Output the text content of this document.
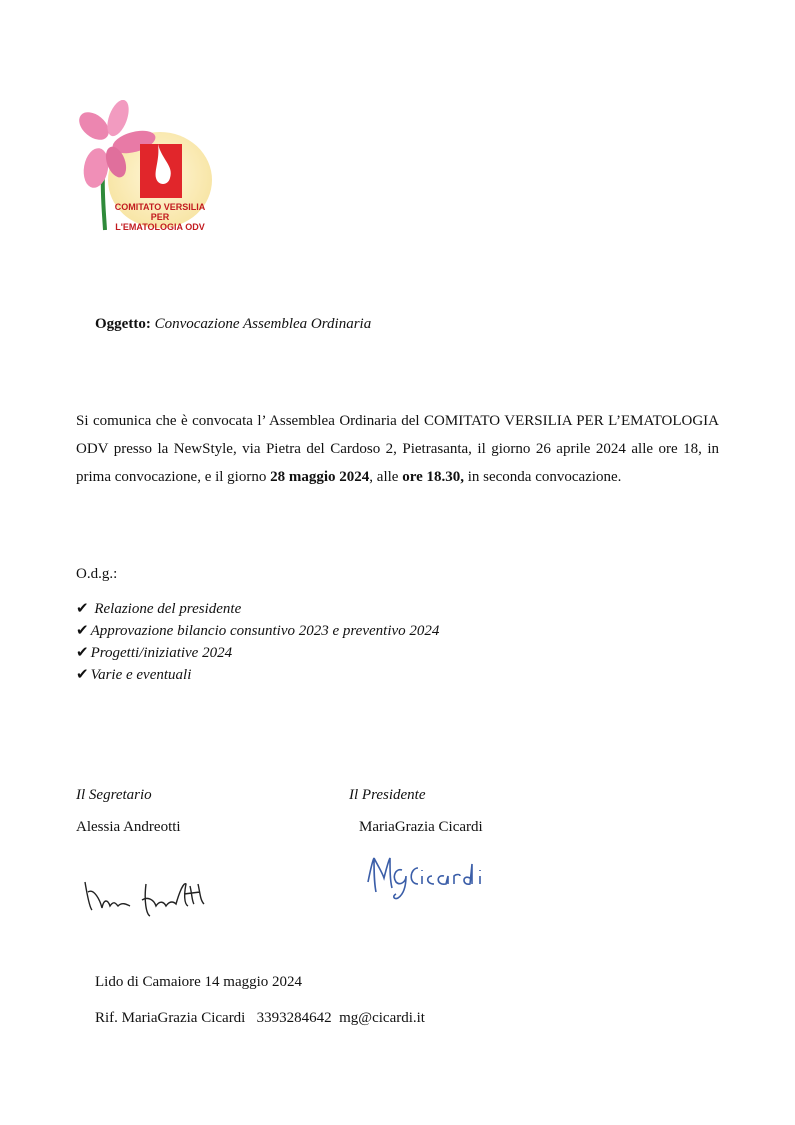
COMITATO VERSILIA PER
L'EMATOLOGIA ODV
Oggetto: Convocazione Assemblea Ordinaria
Si comunica che è convocata l’ Assemblea Ordinaria del COMITATO VERSILIA PER L’EMATOLOGIA ODV presso la NewStyle, via Pietra del Cardoso 2, Pietrasanta, il giorno 26 aprile 2024 alle ore 18, in prima convocazione, e il giorno 28 maggio 2024, alle ore 18.30, in seconda convocazione.
O.d.g.:
✔ Relazione del presidente
✔ Approvazione bilancio consuntivo 2023 e preventivo 2024
✔ Progetti/iniziative 2024
✔ Varie e eventuali
Il Segretario
Alessia Andreotti
Il Presidente
MariaGrazia Cicardi
Lido di Camaiore 14 maggio 2024
Rif. MariaGrazia Cicardi 3393284642 mg@cicardi.it
